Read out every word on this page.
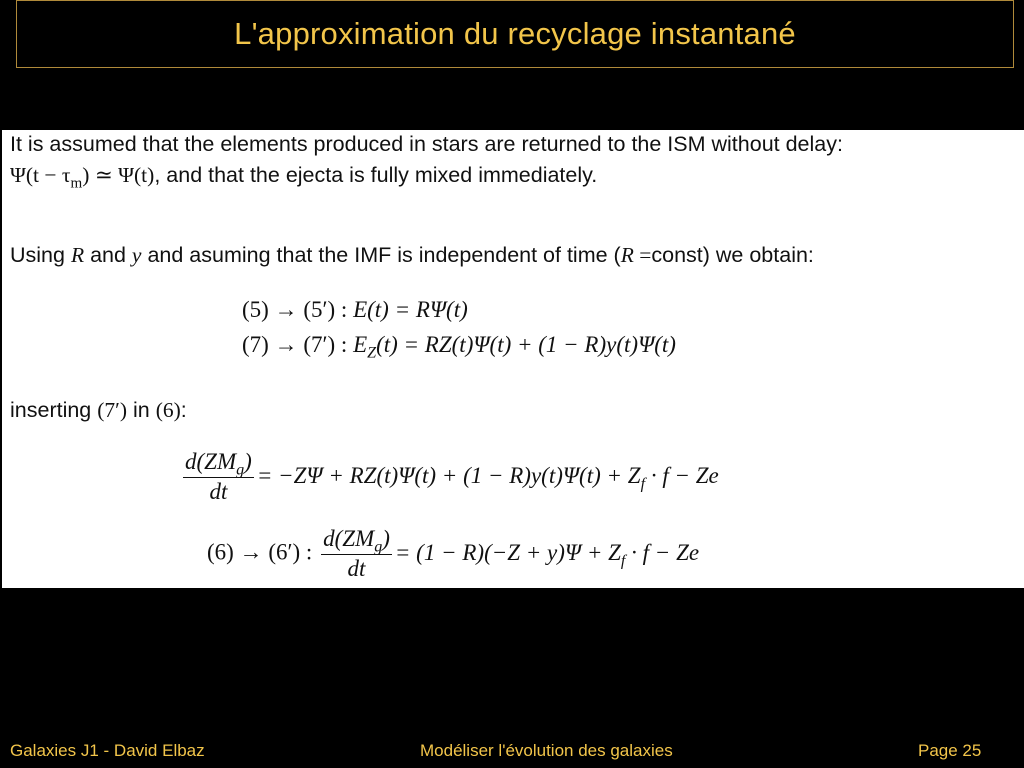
L'approximation du recyclage instantané
It is assumed that the elements produced in stars are returned to the ISM without delay:
$\Psi(t - \tau_m)$ ≃ Ψ(t), and that the ejecta is fully mixed immediately.
Using R and y and asuming that the IMF is independent of time (R =const) we obtain:
(5) → (5′) : E(t) = RΨ(t)
(7) → (7′) : $E_Z(t) = RZ(t)\Psi(t) + (1 - R)y(t)\Psi(t)$
inserting (7′) in (6):
$\frac{d(ZM_g)}{dt} = -Z\Psi + RZ(t)\Psi(t) + (1 - R)y(t)\Psi(t) + Z_f \cdot f - Ze$
(6) → (6′) : $\frac{d(ZM_g)}{dt} = (1 - R)(-Z + y)\Psi + Z_f \cdot f - Ze$
Galaxies J1 - David Elbaz	Modéliser l'évolution des galaxies	Page 25
